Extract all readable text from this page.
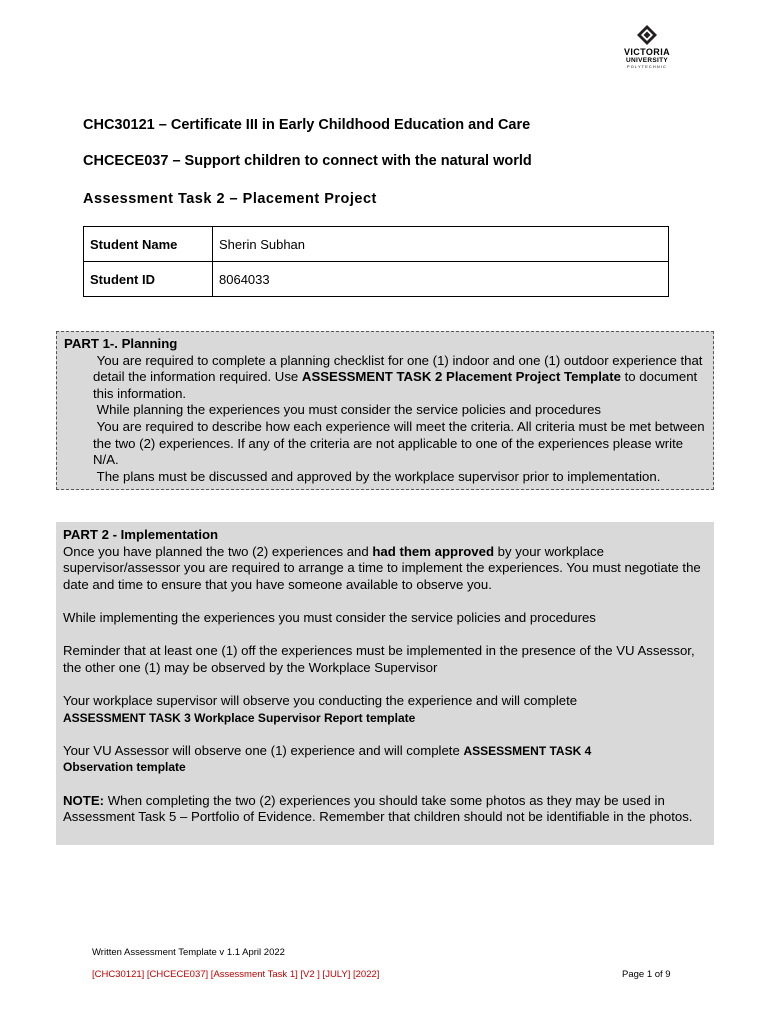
VICTORIA
UNIVERSITY
POLYTECHNIC
CHC30121 – Certificate III in Early Childhood Education and Care
CHCECE037 – Support children to connect with the natural world
Assessment Task 2 – Placement Project
Student Name	Sherin Subhan
Student ID	8064033
PART 1-. Planning
You are required to complete a planning checklist for one (1) indoor and one (1) outdoor experience that detail the information required. Use ASSESSMENT TASK 2 Placement Project Template to document this information.
While planning the experiences you must consider the service policies and procedures
You are required to describe how each experience will meet the criteria. All criteria must be met between the two (2) experiences. If any of the criteria are not applicable to one of the experiences please write N/A.
The plans must be discussed and approved by the workplace supervisor prior to implementation.

PART 2 - Implementation

Once you have planned the two (2) experiences and had them approved by your workplace supervisor/assessor you are required to arrange a time to implement the experiences. You must negotiate the date and time to ensure that you have someone available to observe you.

While implementing the experiences you must consider the service policies and procedures

Reminder that at least one (1) off the experiences must be implemented in the presence of the VU Assessor, the other one (1) may be observed by the Workplace Supervisor

Your workplace supervisor will observe you conducting the experience and will complete
ASSESSMENT TASK 3 Workplace Supervisor Report template

Your VU Assessor will observe one (1) experience and will complete ASSESSMENT TASK 4
Observation template

NOTE: When completing the two (2) experiences you should take some photos as they may be used in Assessment Task 5 – Portfolio of Evidence. Remember that children should not be identifiable in the photos.

Written Assessment Template v 1.1 April 2022
[CHC30121] [CHCECE037] [Assessment Task 1] [V2 ] [JULY] [2022]	Page 1 of 9
